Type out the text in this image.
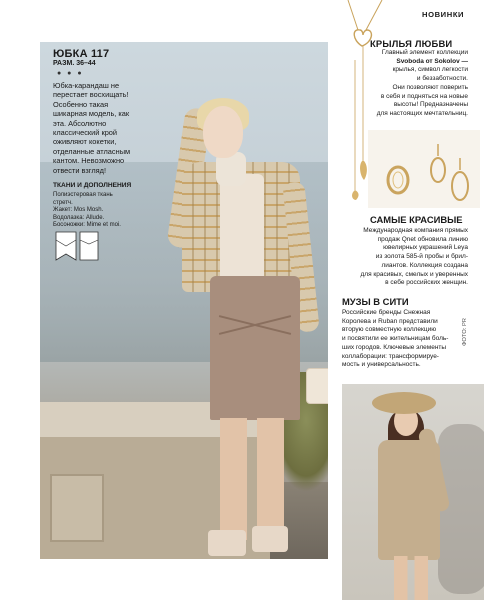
ЮБКА 117
РАЗМ. 36–44
● ● ●
Юбка-карандаш не перестает восхищать! Особенно такая шикарная модель, как эта. Абсолютно классический крой оживляют кокетки, отделанные атласным кантом. Невозможно отвести взгляд!
ТКАНИ И ДОПОЛНЕНИЯ
Полиэстеровая ткань
стретч.
Жакет: Mos Mosh.
Водолазка: Allude.
Босоножки: Mime et moi.
НОВИНКИ
КРЫЛЬЯ ЛЮБВИ
Главный элемент коллекции
Svoboda от Sokolov —
крылья, символ легкости
и беззаботности.
Они позволяют поверить
в себя и подняться на новые
высоты! Предназначены
для настоящих мечтательниц.
САМЫЕ КРАСИВЫЕ
Международная компания прямых
продаж Qnet обновила линию
ювелирных украшений Leya
из золота 585-й пробы и брил-
лиантов. Коллекция создана
для красивых, смелых и уверенных
в себе российских женщин.
МУЗЫ В СИТИ
Российские бренды Снежная
Королева и Ruban представили
вторую совместную коллекцию
и посвятили ее жительницам боль-
ших городов. Ключевые элементы
коллаборации: трансформируе-
мость и универсальность.
ФОТО: PR
